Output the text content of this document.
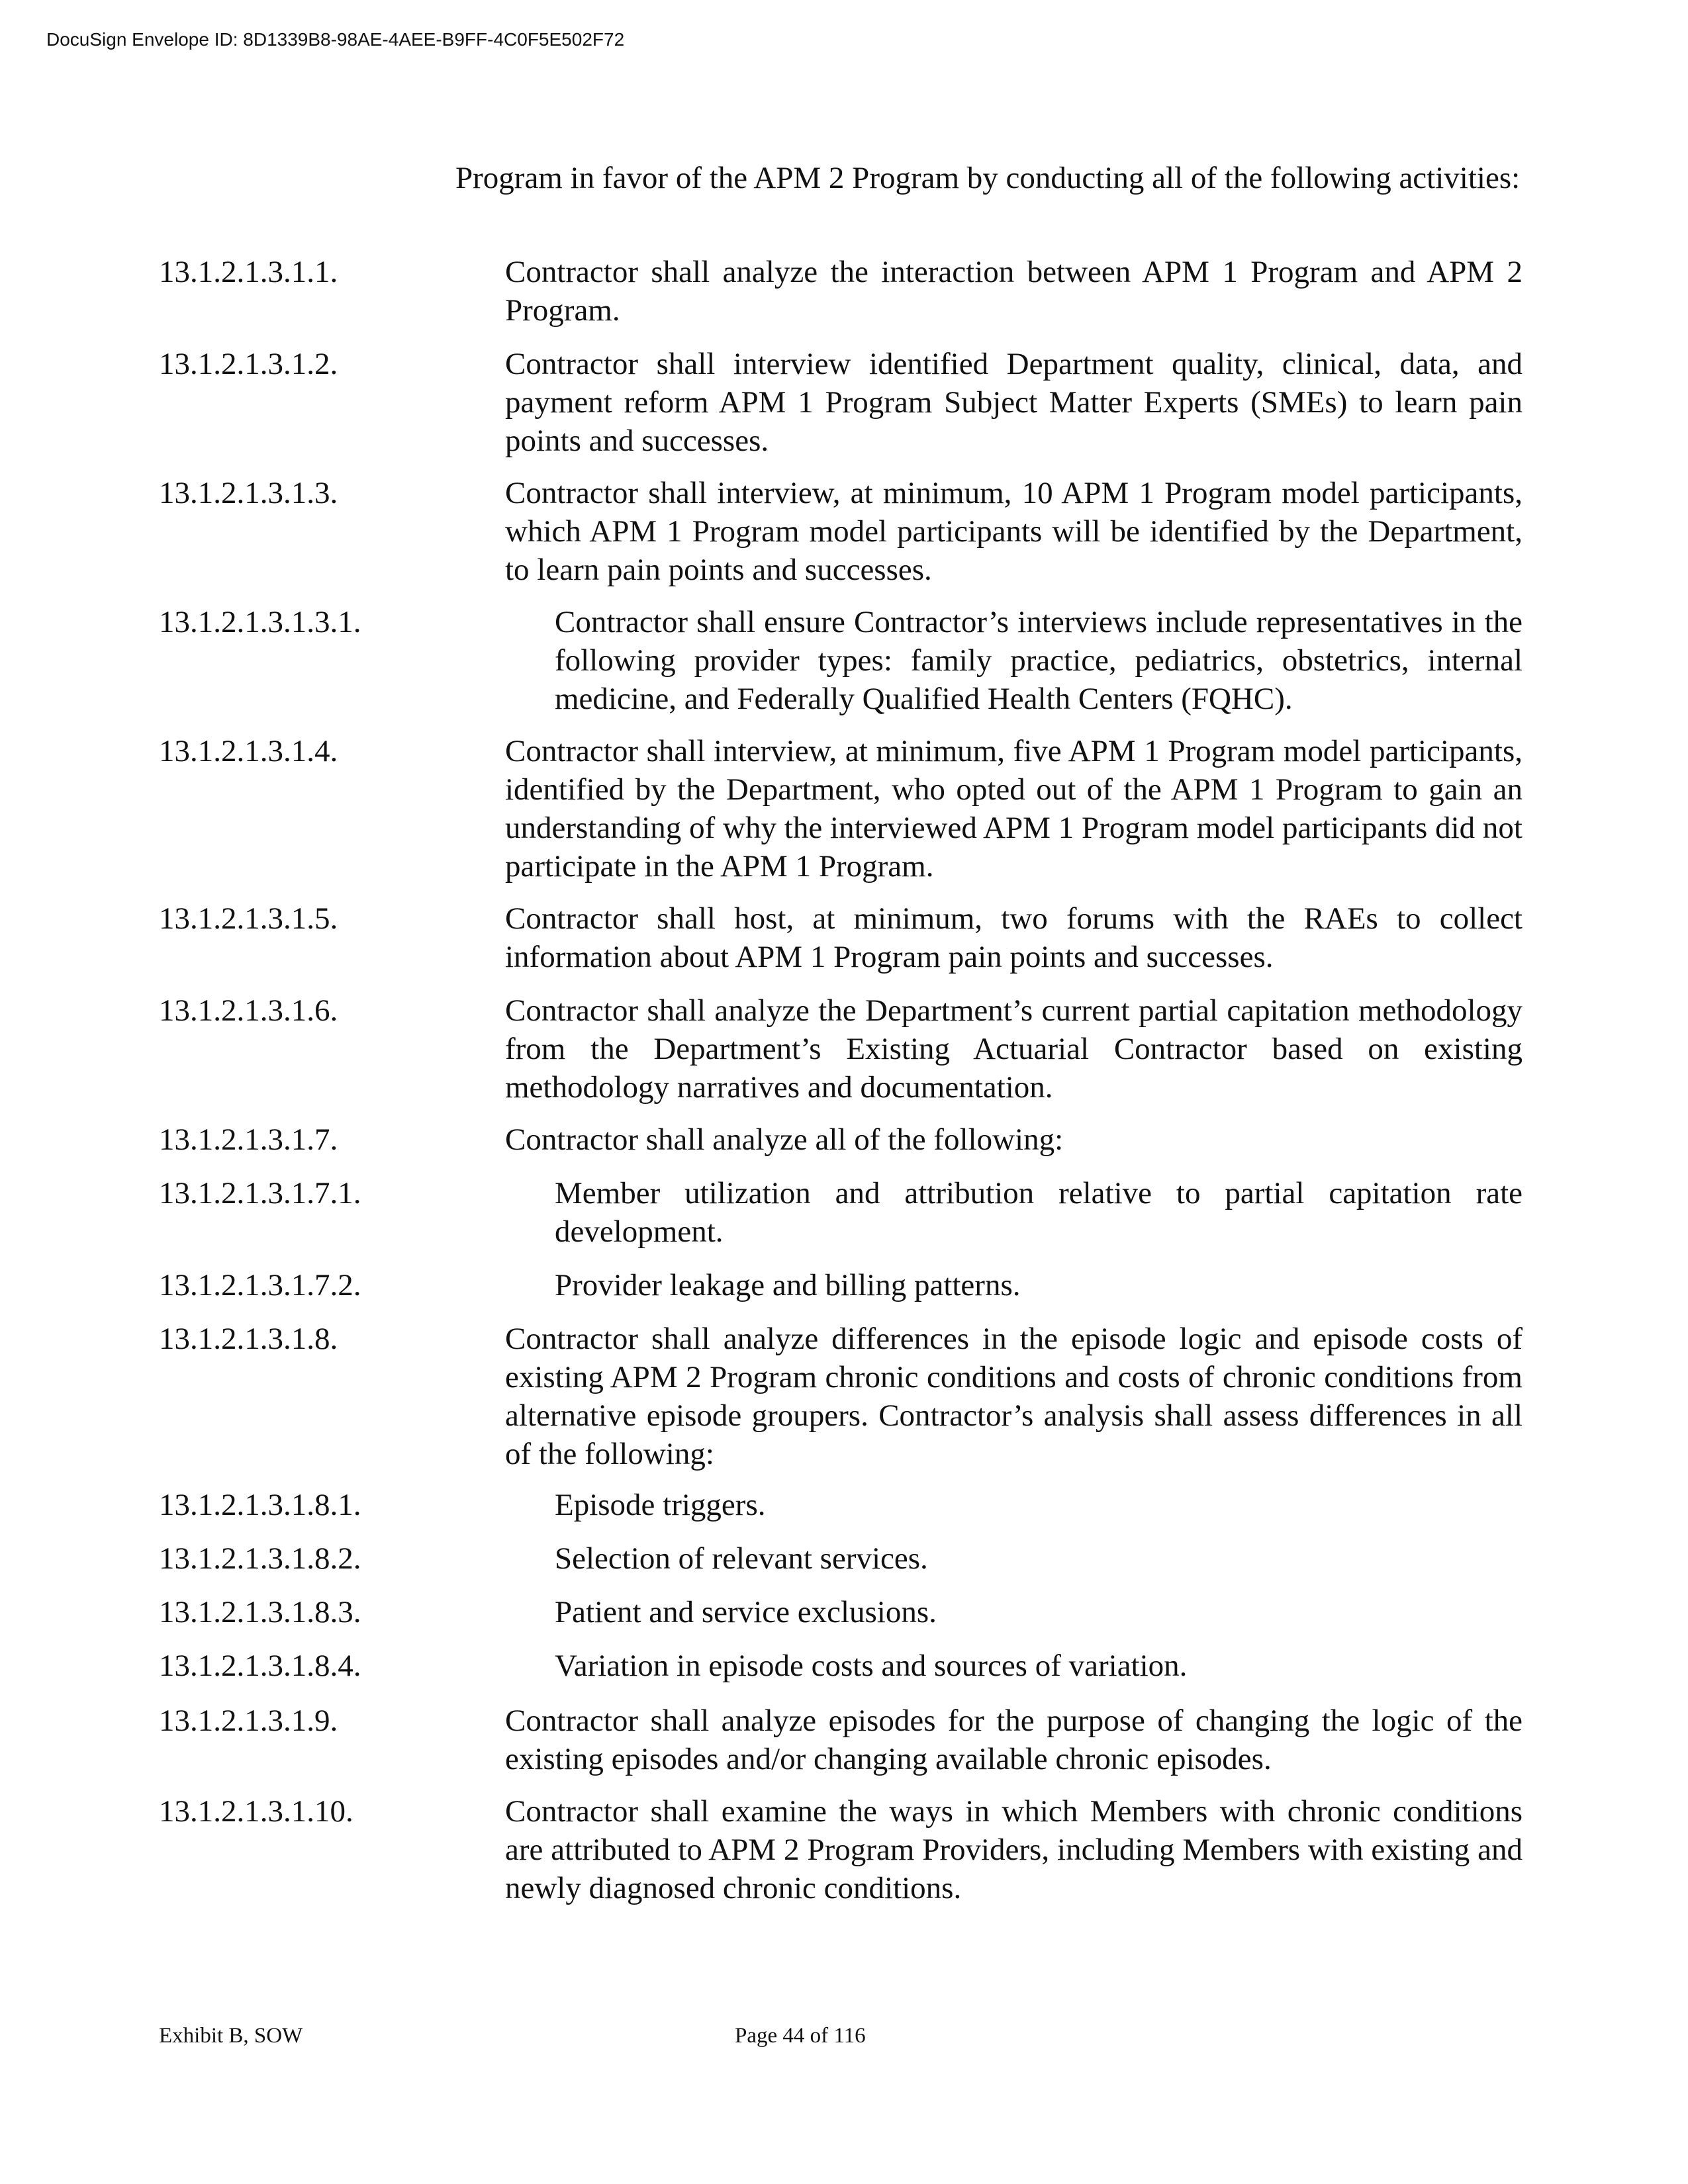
DocuSign Envelope ID: 8D1339B8-98AE-4AEE-B9FF-4C0F5E502F72
Program in favor of the APM 2 Program by conducting all of the following activities:
13.1.2.1.3.1.1.	Contractor shall analyze the interaction between APM 1 Program and APM 2 Program.
13.1.2.1.3.1.2.	Contractor shall interview identified Department quality, clinical, data, and payment reform APM 1 Program Subject Matter Experts (SMEs) to learn pain points and successes.
13.1.2.1.3.1.3.	Contractor shall interview, at minimum, 10 APM 1 Program model participants, which APM 1 Program model participants will be identified by the Department, to learn pain points and successes.
13.1.2.1.3.1.3.1.	Contractor shall ensure Contractor’s interviews include representatives in the following provider types: family practice, pediatrics, obstetrics, internal medicine, and Federally Qualified Health Centers (FQHC).
13.1.2.1.3.1.4.	Contractor shall interview, at minimum, five APM 1 Program model participants, identified by the Department, who opted out of the APM 1 Program to gain an understanding of why the interviewed APM 1 Program model participants did not participate in the APM 1 Program.
13.1.2.1.3.1.5.	Contractor shall host, at minimum, two forums with the RAEs to collect information about APM 1 Program pain points and successes.
13.1.2.1.3.1.6.	Contractor shall analyze the Department’s current partial capitation methodology from the Department’s Existing Actuarial Contractor based on existing methodology narratives and documentation.
13.1.2.1.3.1.7.	Contractor shall analyze all of the following:
13.1.2.1.3.1.7.1.	Member utilization and attribution relative to partial capitation rate development.
13.1.2.1.3.1.7.2.	Provider leakage and billing patterns.
13.1.2.1.3.1.8.	Contractor shall analyze differences in the episode logic and episode costs of existing APM 2 Program chronic conditions and costs of chronic conditions from alternative episode groupers. Contractor’s analysis shall assess differences in all of the following:
13.1.2.1.3.1.8.1.	Episode triggers.
13.1.2.1.3.1.8.2.	Selection of relevant services.
13.1.2.1.3.1.8.3.	Patient and service exclusions.
13.1.2.1.3.1.8.4.	Variation in episode costs and sources of variation.
13.1.2.1.3.1.9.	Contractor shall analyze episodes for the purpose of changing the logic of the existing episodes and/or changing available chronic episodes.
13.1.2.1.3.1.10.	Contractor shall examine the ways in which Members with chronic conditions are attributed to APM 2 Program Providers, including Members with existing and newly diagnosed chronic conditions.
Exhibit B, SOW	Page 44 of 116
